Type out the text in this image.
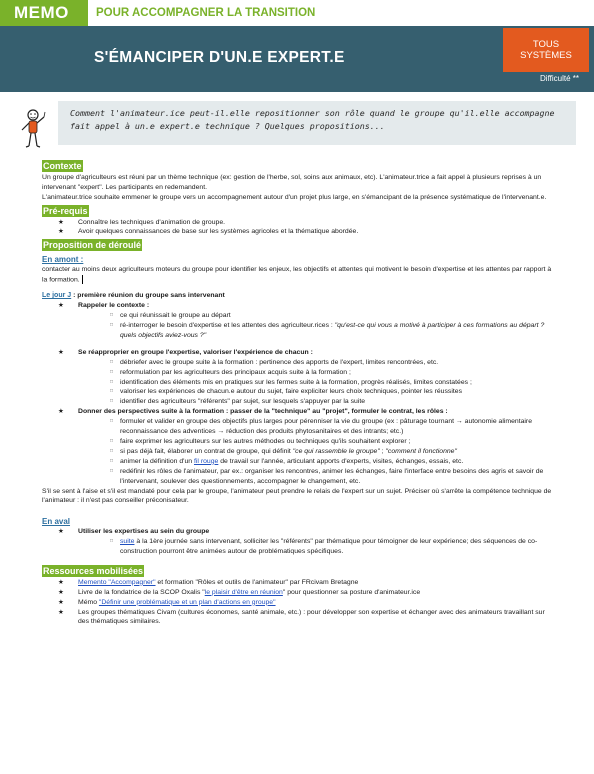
MEMO	POUR ACCOMPAGNER LA TRANSITION
S'ÉMANCIPER D'UN.E EXPERT.E
TOUS
SYSTÈMES
Difficulté **
Comment l'animateur.ice peut-il.elle repositionner son rôle quand le groupe qu'il.elle accompagne fait appel à un.e expert.e technique ? Quelques propositions...
Contexte

Un groupe d'agriculteurs est réuni par un thème technique (ex: gestion de l'herbe, sol, soins aux animaux, etc). L'animateur.trice a fait appel à plusieurs reprises à un intervenant "expert". Les participants en redemandent.

L'animateur.trice souhaite emmener le groupe vers un accompagnement autour d'un projet plus large, en s'émancipant de la présence systématique de l'intervenant.e.

Pré-requis
★ Connaître les techniques d'animation de groupe.
★ Avoir quelques connaissances de base sur les systèmes agricoles et la thématique abordée.
Proposition de déroulé
En amont :

contacter au moins deux agriculteurs moteurs du groupe pour identifier les enjeux, les objectifs et attentes qui motivent le besoin d'expertise et les attentes par rapport à la formation.

Le jour J : première réunion du groupe sans intervenant
★ Rappeler le contexte :
□ ce qui réunissait le groupe au départ
□ ré-interroger le besoin d'expertise et les attentes des agriculteur.rices : "qu'est-ce qui vous a motivé à participer à ces formations au départ ? quels objectifs aviez-vous ?"
★ Se réapproprier en groupe l'expertise, valoriser l'expérience de chacun :
□ débriefer avec le groupe suite à la formation : pertinence des apports de l'expert, limites rencontrées, etc.
□ reformulation par les agriculteurs des principaux acquis suite à la formation ;
□ identification des éléments mis en pratiques sur les fermes suite à la formation, progrès réalisés, limites constatées ;
□ valoriser les expériences de chacun.e autour du sujet, faire expliciter leurs choix techniques, pointer les réussites
□ identifier des agriculteurs "référents" par sujet, sur lesquels s'appuyer par la suite
★ Donner des perspectives suite à la formation : passer de la "technique" au "projet", formuler le contrat, les rôles :
□ formuler et valider en groupe des objectifs plus larges pour pérenniser la vie du groupe (ex : pâturage tournant → autonomie alimentaire reconnaissance des adventices → réduction des produits phytosanitaires et des intrants; etc.)
□ faire exprimer les agriculteurs sur les autres méthodes ou techniques qu'ils souhaitent explorer ;
□ si pas déjà fait, élaborer un contrat de groupe, qui définit "ce qui rassemble le groupe" ; "comment il fonctionne"
□ animer la définition d'un fil rouge de travail sur l'année, articulant apports d'experts, visites, échanges, essais, etc.
□ redéfinir les rôles de l'animateur, par ex.: organiser les rencontres, animer les échanges, faire l'interface entre besoins des agris et savoir de l'intervenant, soulever des questionnements, accompagner le changement, etc.

S'il se sent à l'aise et s'il est mandaté pour cela par le groupe, l'animateur peut prendre le relais de l'expert sur un sujet. Préciser où s'arrête la compétence technique de l'animateur : il n'est pas conseiller préconisateur.

En aval
★ Utiliser les expertises au sein du groupe
□ suite à la 1ère journée sans intervenant, solliciter les "référents" par thématique pour témoigner de leur expérience; des séquences de co-construction pourront être animées autour de problématiques spécifiques.
Ressources mobilisées
★ Memento "Accompagner" et formation "Rôles et outils de l'animateur" par FRcivam Bretagne
★ Livre de la fondatrice de la SCOP Oxalis "le plaisir d'être en réunion" pour questionner sa posture d'animateur.ice
★ Mémo "Définir une problématique et un plan d'actions en groupe"
★ Les groupes thématiques Civam (cultures économes, santé animale, etc.) : pour développer son expertise et échanger avec des animateurs travaillant sur des thématiques similaires.
